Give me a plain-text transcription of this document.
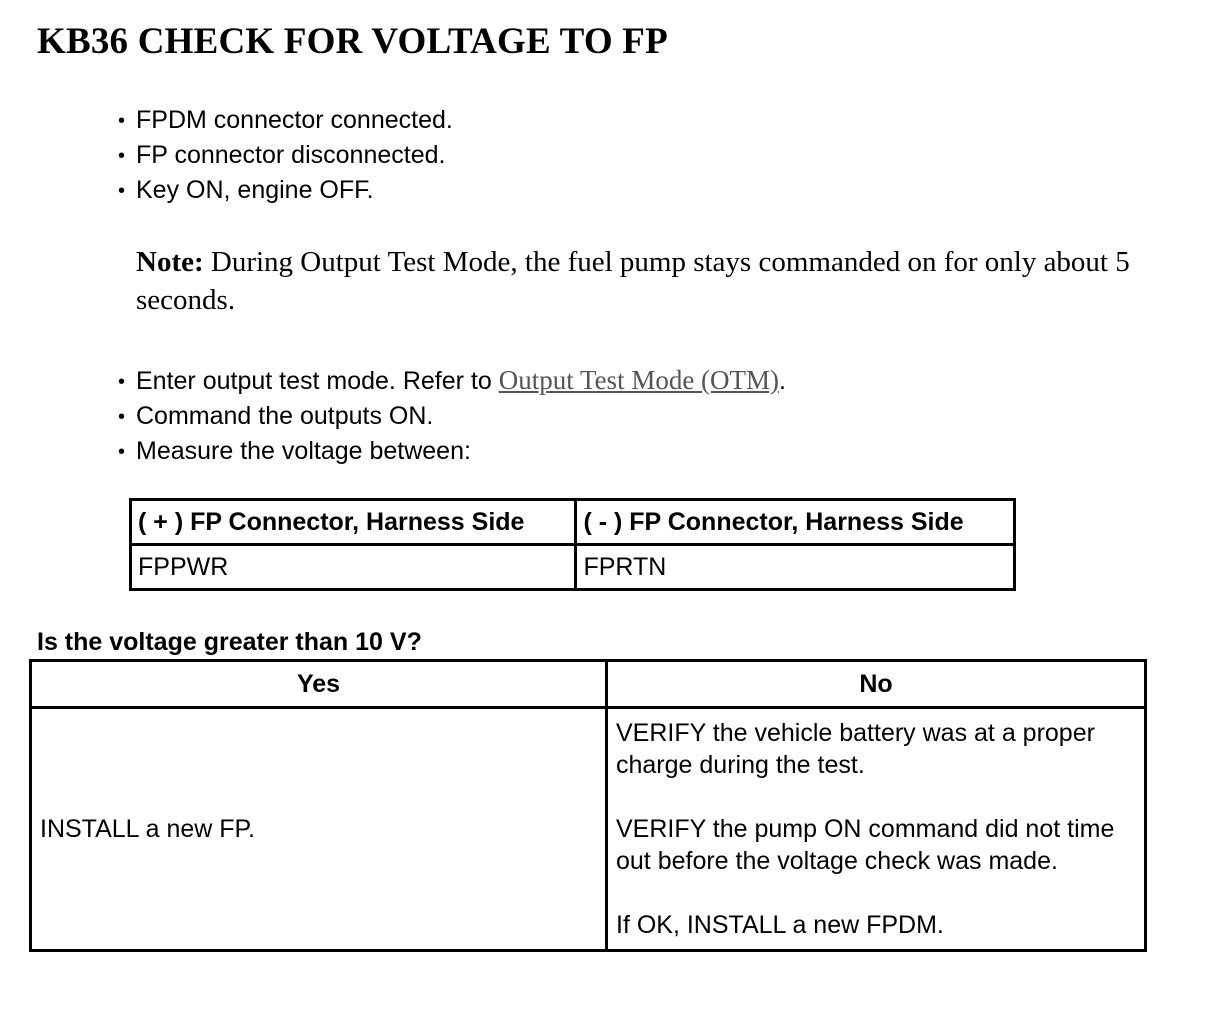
KB36 CHECK FOR VOLTAGE TO FP
• FPDM connector connected.
• FP connector disconnected.
• Key ON, engine OFF.

Note: During Output Test Mode, the fuel pump stays commanded on for only about 5 seconds.

• Enter output test mode. Refer to Output Test Mode (OTM).
• Command the outputs ON.
• Measure the voltage between:
( + ) FP Connector, Harness Side	( - ) FP Connector, Harness Side
FPPWR	FPRTN

Is the voltage greater than 10 V?

Yes	No
INSTALL a new FP.	VERIFY the vehicle battery was at a proper charge during the test.

VERIFY the pump ON command did not time out before the voltage check was made.

If OK, INSTALL a new FPDM.
